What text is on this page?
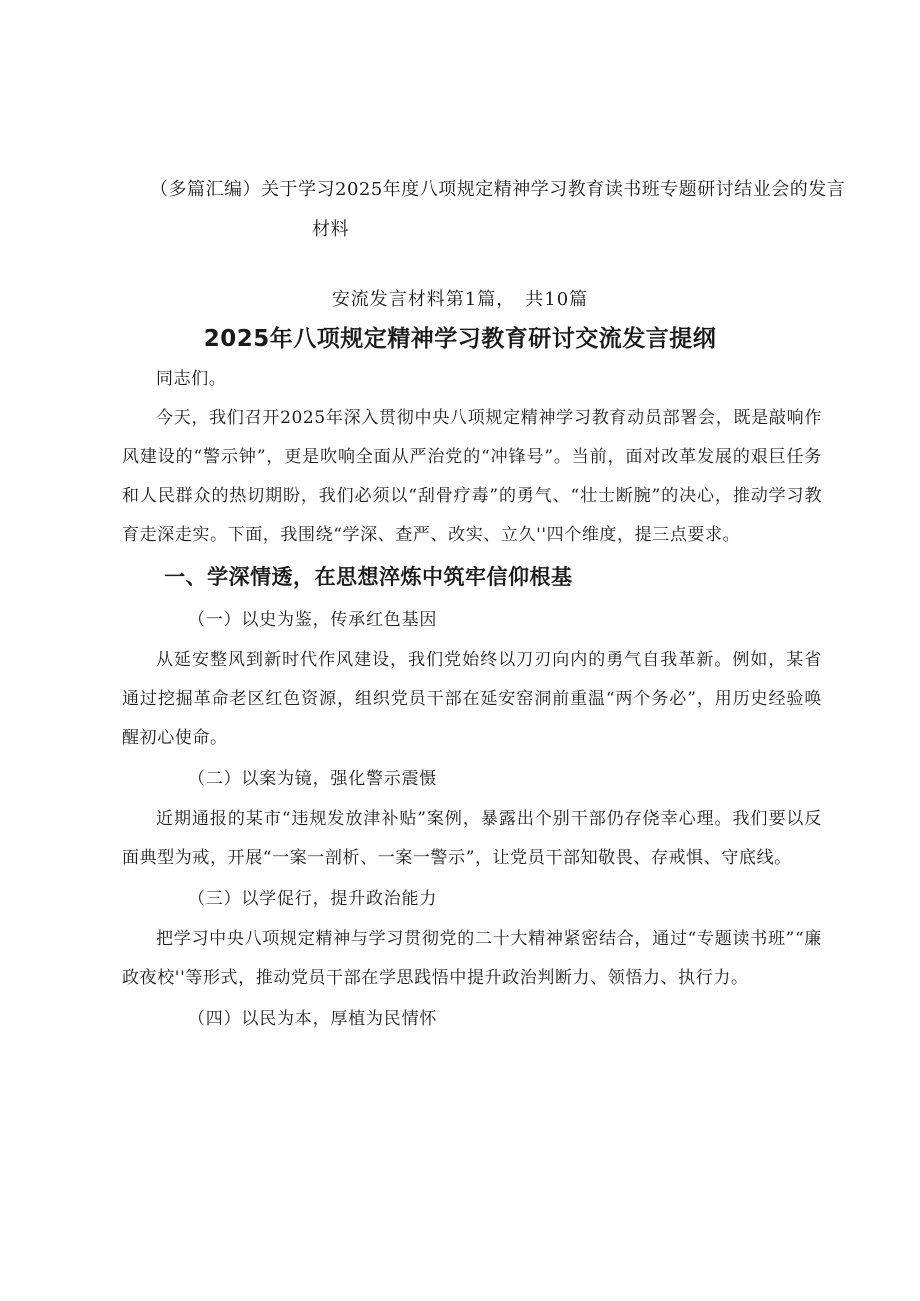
（多篇汇编）关于学习2025年度八项规定精神学习教育读书班专题研讨结业会的发言
材料
安流发言材料第1篇， 共10篇
2025年八项规定精神学习教育研讨交流发言提纲

同志们。

今天，我们召开2025年深入贯彻中央八项规定精神学习教育动员部署会，既是敲响作风建设的“警示钟”，更是吹响全面从严治党的“冲锋号”。当前，面对改革发展的艰巨任务和人民群众的热切期盼，我们必须以“刮骨疗毒”的勇气、“壮士断腕”的决心，推动学习教育走深走实。下面，我围绕“学深、查严、改实、立久''四个维度，提三点要求。

一、学深情透，在思想淬炼中筑牢信仰根基
（一）以史为鉴，传承红色基因

从延安整风到新时代作风建设，我们党始终以刀刃向内的勇气自我革新。例如，某省通过挖掘革命老区红色资源，组织党员干部在延安窑洞前重温“两个务必”，用历史经验唤醒初心使命。

（二）以案为镜，强化警示震慑

近期通报的某市“违规发放津补贴”案例，暴露出个别干部仍存侥幸心理。我们要以反面典型为戒，开展“一案一剖析、一案一警示”，让党员干部知敬畏、存戒惧、守底线。

（三）以学促行，提升政治能力

把学习中央八项规定精神与学习贯彻党的二十大精神紧密结合，通过“专题读书班”“廉政夜校''等形式，推动党员干部在学思践悟中提升政治判断力、领悟力、执行力。

（四）以民为本，厚植为民情怀
